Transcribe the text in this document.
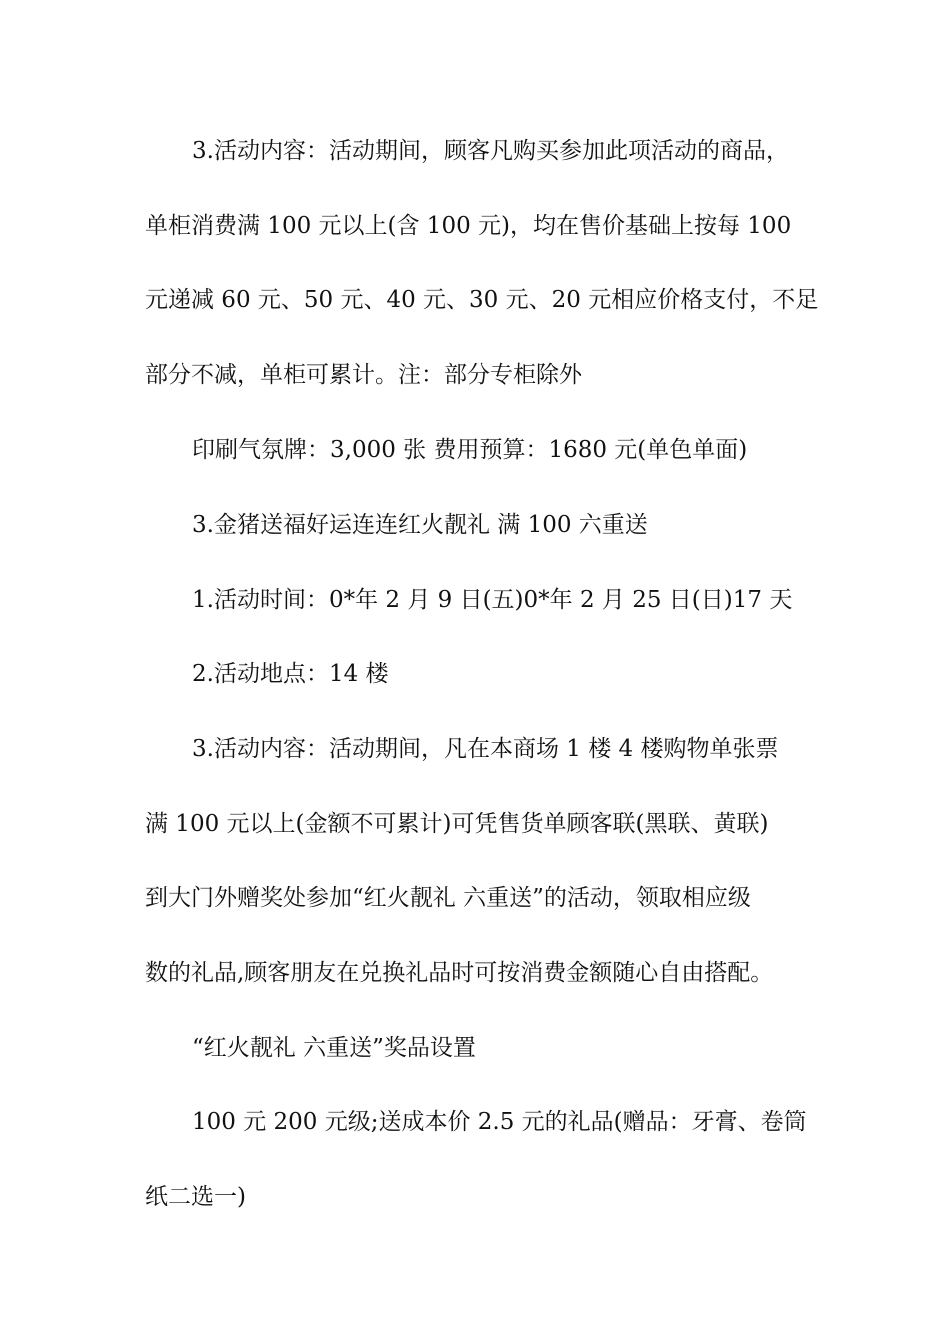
3.活动内容：活动期间，顾客凡购买参加此项活动的商品，
单柜消费满 100 元以上(含 100 元)，均在售价基础上按每 100
元递减 60 元、50 元、40 元、30 元、20 元相应价格支付，不足
部分不减，单柜可累计。注：部分专柜除外
印刷气氛牌：3,000 张 费用预算：1680 元(单色单面)
3.金猪送福好运连连红火靓礼 满 100 六重送
1.活动时间：0*年 2 月 9 日(五)0*年 2 月 25 日(日)17 天
2.活动地点：14 楼
3.活动内容：活动期间，凡在本商场 1 楼 4 楼购物单张票
满 100 元以上(金额不可累计)可凭售货单顾客联(黑联、黄联)
到大门外赠奖处参加“红火靓礼 六重送”的活动，领取相应级
数的礼品,顾客朋友在兑换礼品时可按消费金额随心自由搭配。
“红火靓礼 六重送”奖品设置
100 元 200 元级;送成本价 2.5 元的礼品(赠品：牙膏、卷筒
纸二选一)
